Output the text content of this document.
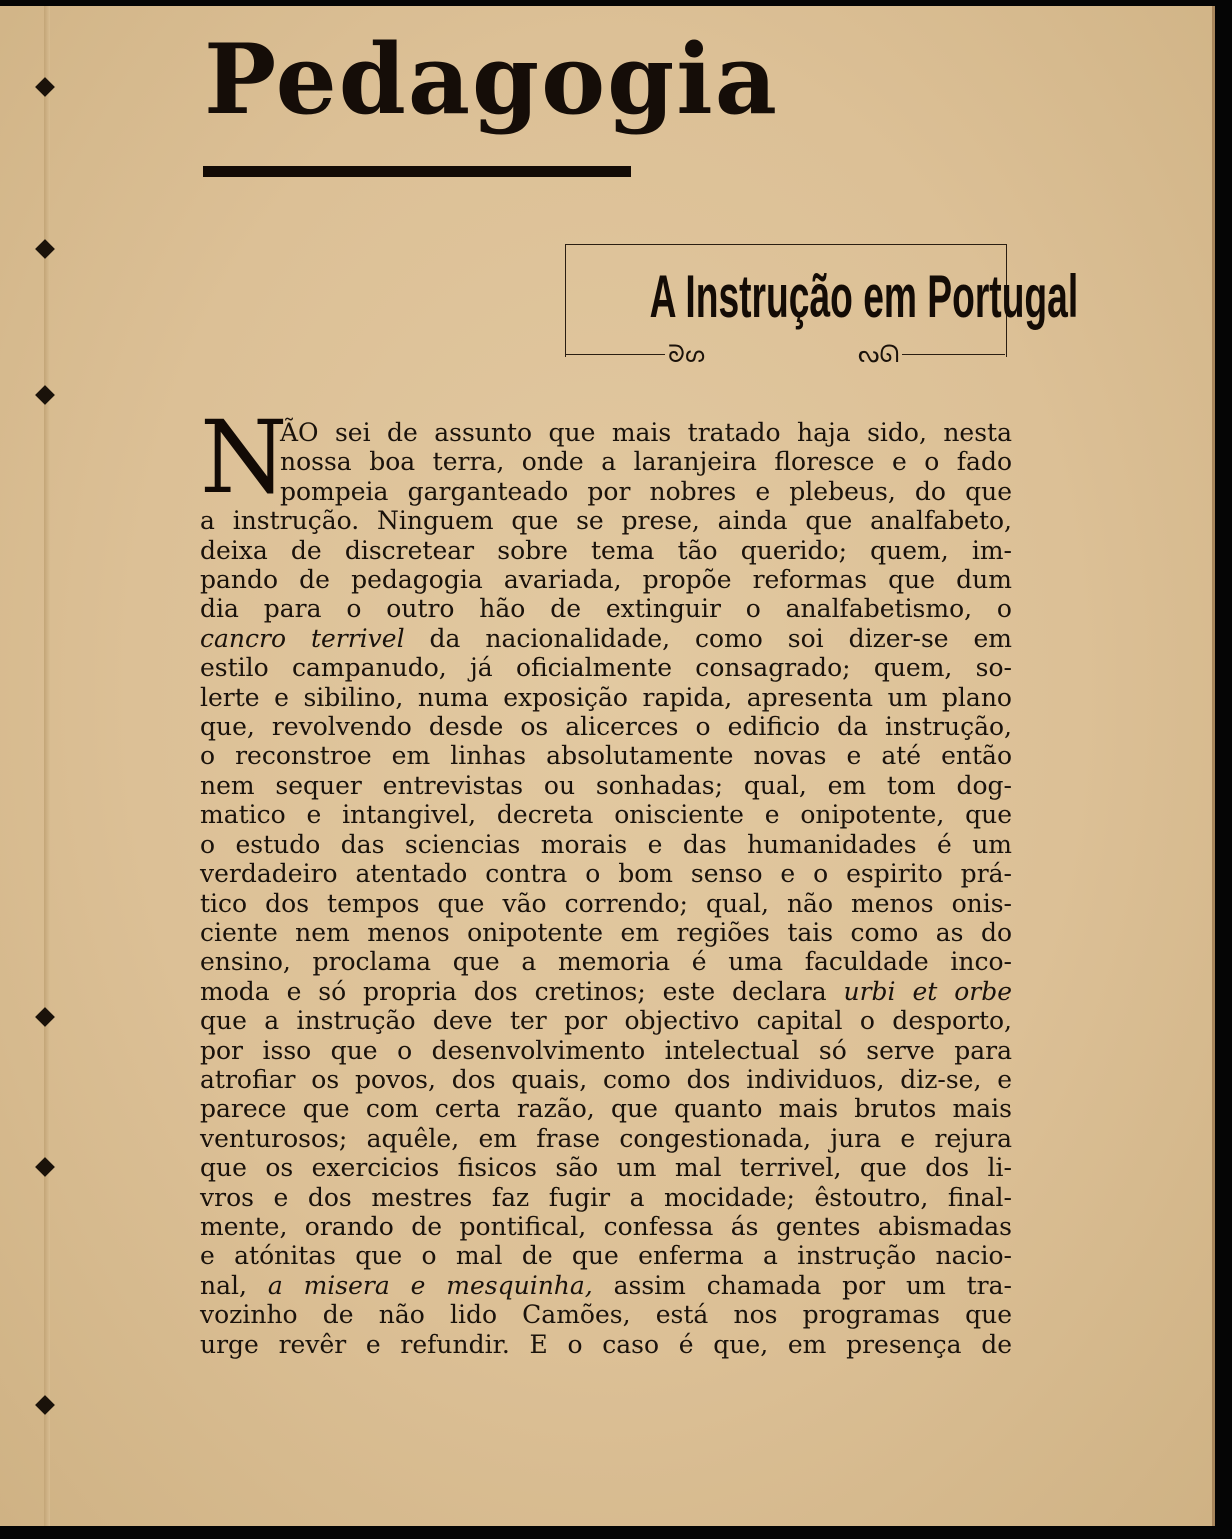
Pedagogia
A Instrução em Portugal
ᘐᔕ	ᔓᘏ
N
ÃO sei de assunto que mais tratado haja sido, nesta
nossa boa terra, onde a laranjeira floresce e o fado
pompeia garganteado por nobres e plebeus, do que
a instrução. Ninguem que se prese, ainda que analfabeto,
deixa de discretear sobre tema tão querido; quem, im-
pando de pedagogia avariada, propõe reformas que dum
dia para o outro hão de extinguir o analfabetismo, o
cancro terrivel da nacionalidade, como soi dizer-se em
estilo campanudo, já oficialmente consagrado; quem, so-
lerte e sibilino, numa exposição rapida, apresenta um plano
que, revolvendo desde os alicerces o edificio da instrução,
o reconstroe em linhas absolutamente novas e até então
nem sequer entrevistas ou sonhadas; qual, em tom dog-
matico e intangivel, decreta onisciente e onipotente, que
o estudo das sciencias morais e das humanidades é um
verdadeiro atentado contra o bom senso e o espirito prá-
tico dos tempos que vão correndo; qual, não menos onis-
ciente nem menos onipotente em regiões tais como as do
ensino, proclama que a memoria é uma faculdade inco-
moda e só propria dos cretinos; este declara urbi et orbe
que a instrução deve ter por objectivo capital o desporto,
por isso que o desenvolvimento intelectual só serve para
atrofiar os povos, dos quais, como dos individuos, diz-se, e
parece que com certa razão, que quanto mais brutos mais
venturosos; aquêle, em frase congestionada, jura e rejura
que os exercicios fisicos são um mal terrivel, que dos li-
vros e dos mestres faz fugir a mocidade; êstoutro, final-
mente, orando de pontifical, confessa ás gentes abismadas
e atónitas que o mal de que enferma a instrução nacio-
nal, a misera e mesquinha, assim chamada por um tra-
vozinho de não lido Camões, está nos programas que
urge revêr e refundir. E o caso é que, em presença de
